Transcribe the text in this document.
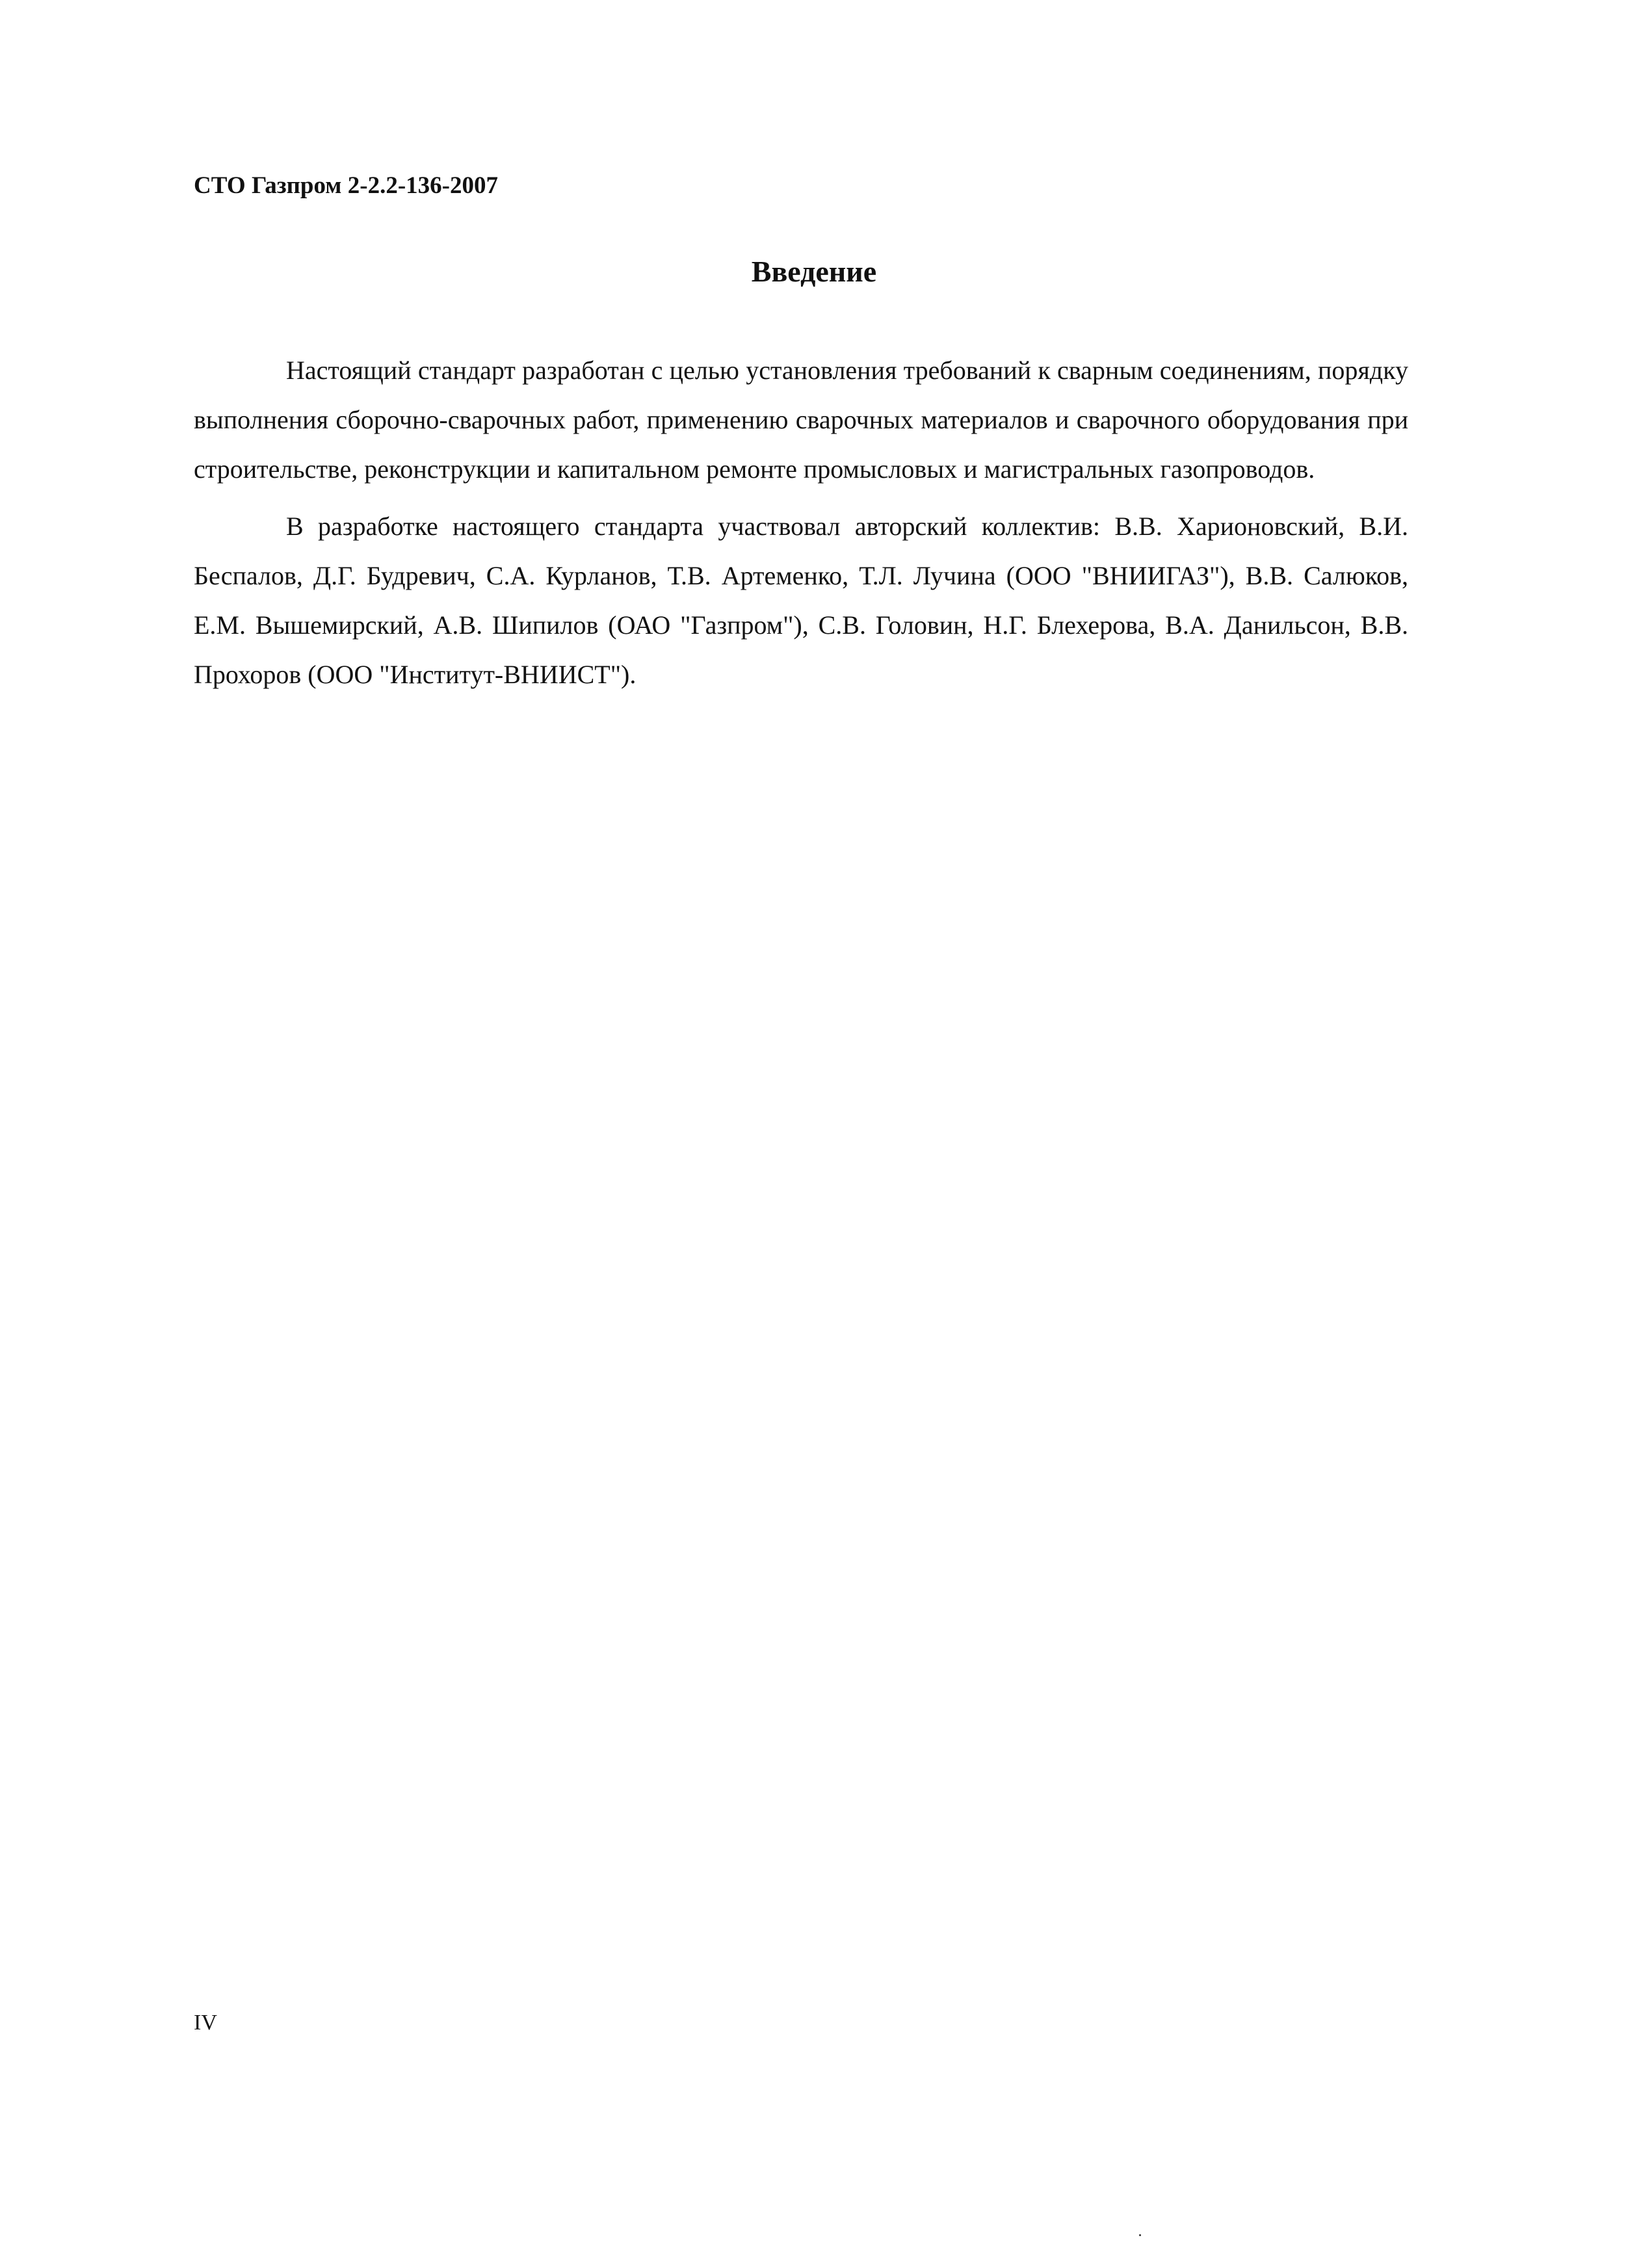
СТО Газпром 2-2.2-136-2007
Введение

Настоящий стандарт разработан с целью установления требований к сварным соединениям, порядку выполнения сборочно-сварочных работ, применению сварочных материалов и сварочного оборудования при строительстве, реконструкции и капитальном ремонте промысловых и магистральных газопроводов.

В разработке настоящего стандарта участвовал авторский коллектив: В.В. Харионовский, В.И. Беспалов, Д.Г. Будревич, С.А. Курланов, Т.В. Артеменко, Т.Л. Лучина (ООО "ВНИИГАЗ"), В.В. Салюков, Е.М. Вышемирский, А.В. Шипилов (ОАО "Газпром"), С.В. Головин, Н.Г. Блехерова, В.А. Данильсон, В.В. Прохоров (ООО "Институт-ВНИИСТ").

IV
